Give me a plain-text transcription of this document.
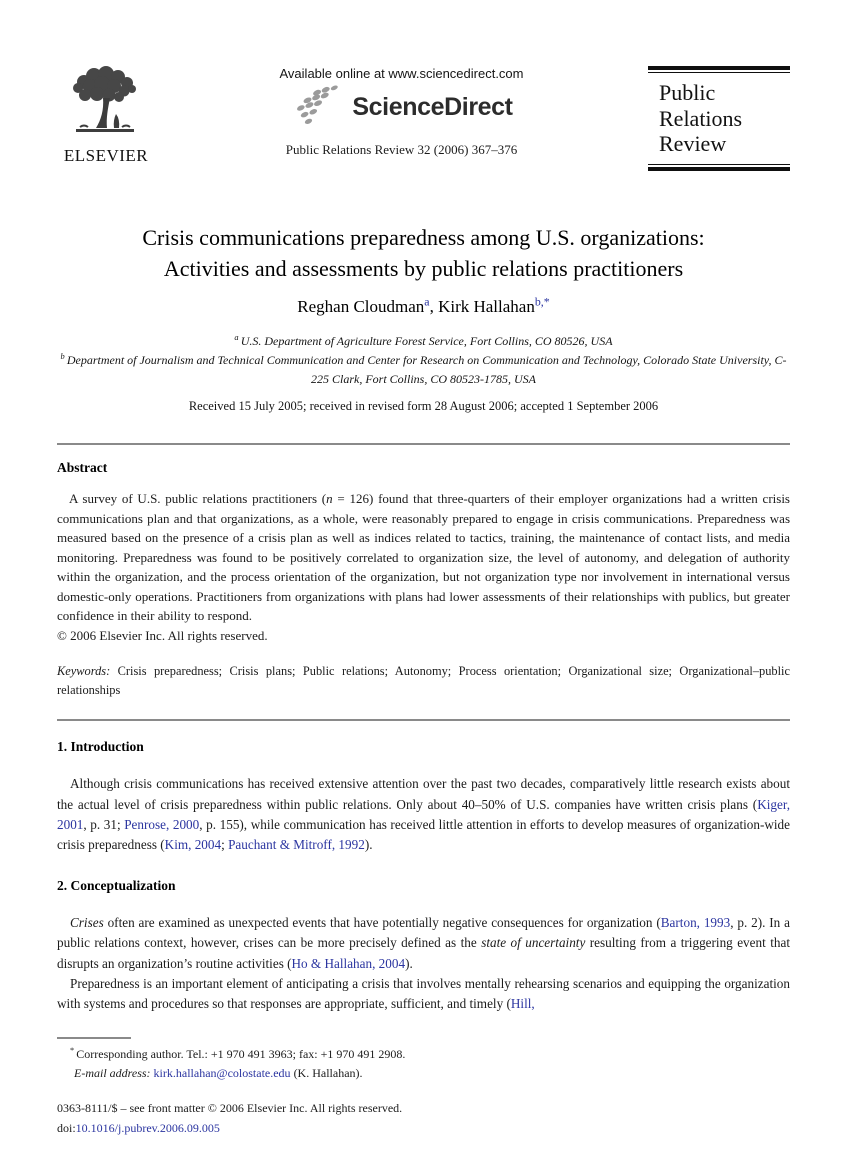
ELSEVIER
Available online at www.sciencedirect.com
ScienceDirect
Public Relations Review 32 (2006) 367–376
Public
Relations
Review
Crisis communications preparedness among U.S. organizations:
Activities and assessments by public relations practitioners
Reghan Cloudman$^a$, Kirk Hallahan$^{b,*}$
$^a$ U.S. Department of Agriculture Forest Service, Fort Collins, CO 80526, USA
$^b$ Department of Journalism and Technical Communication and Center for Research on Communication and Technology, Colorado State University, C-225 Clark, Fort Collins, CO 80523-1785, USA
Received 15 July 2005; received in revised form 28 August 2006; accepted 1 September 2006
Abstract
A survey of U.S. public relations practitioners (n = 126) found that three-quarters of their employer organizations had a written crisis communications plan and that organizations, as a whole, were reasonably prepared to engage in crisis communications. Preparedness was measured based on the presence of a crisis plan as well as indices related to tactics, training, the maintenance of contact lists, and media monitoring. Preparedness was found to be positively correlated to organization size, the level of autonomy, and delegation of authority within the organization, and the process orientation of the organization, but not organization type nor involvement in international versus domestic-only operations. Practitioners from organizations with plans had lower assessments of their relationships with publics, but greater confidence in their ability to respond.
© 2006 Elsevier Inc. All rights reserved.
Keywords: Crisis preparedness; Crisis plans; Public relations; Autonomy; Process orientation; Organizational size; Organizational–public relationships
1. Introduction

Although crisis communications has received extensive attention over the past two decades, comparatively little research exists about the actual level of crisis preparedness within public relations. Only about 40–50% of U.S. companies have written crisis plans (Kiger, 2001, p. 31; Penrose, 2000, p. 155), while communication has received little attention in efforts to develop measures of organization-wide crisis preparedness (Kim, 2004; Pauchant & Mitroff, 1992).

2. Conceptualization

Crises often are examined as unexpected events that have potentially negative consequences for organization (Barton, 1993, p. 2). In a public relations context, however, crises can be more precisely defined as the state of uncertainty resulting from a triggering event that disrupts an organization’s routine activities (Ho & Hallahan, 2004).

Preparedness is an important element of anticipating a crisis that involves mentally rehearsing scenarios and equipping the organization with systems and procedures so that responses are appropriate, sufficient, and timely (Hill,

* Corresponding author. Tel.: +1 970 491 3963; fax: +1 970 491 2908.
E-mail address: kirk.hallahan@colostate.edu (K. Hallahan).
0363-8111/$ – see front matter © 2006 Elsevier Inc. All rights reserved.
doi:10.1016/j.pubrev.2006.09.005
